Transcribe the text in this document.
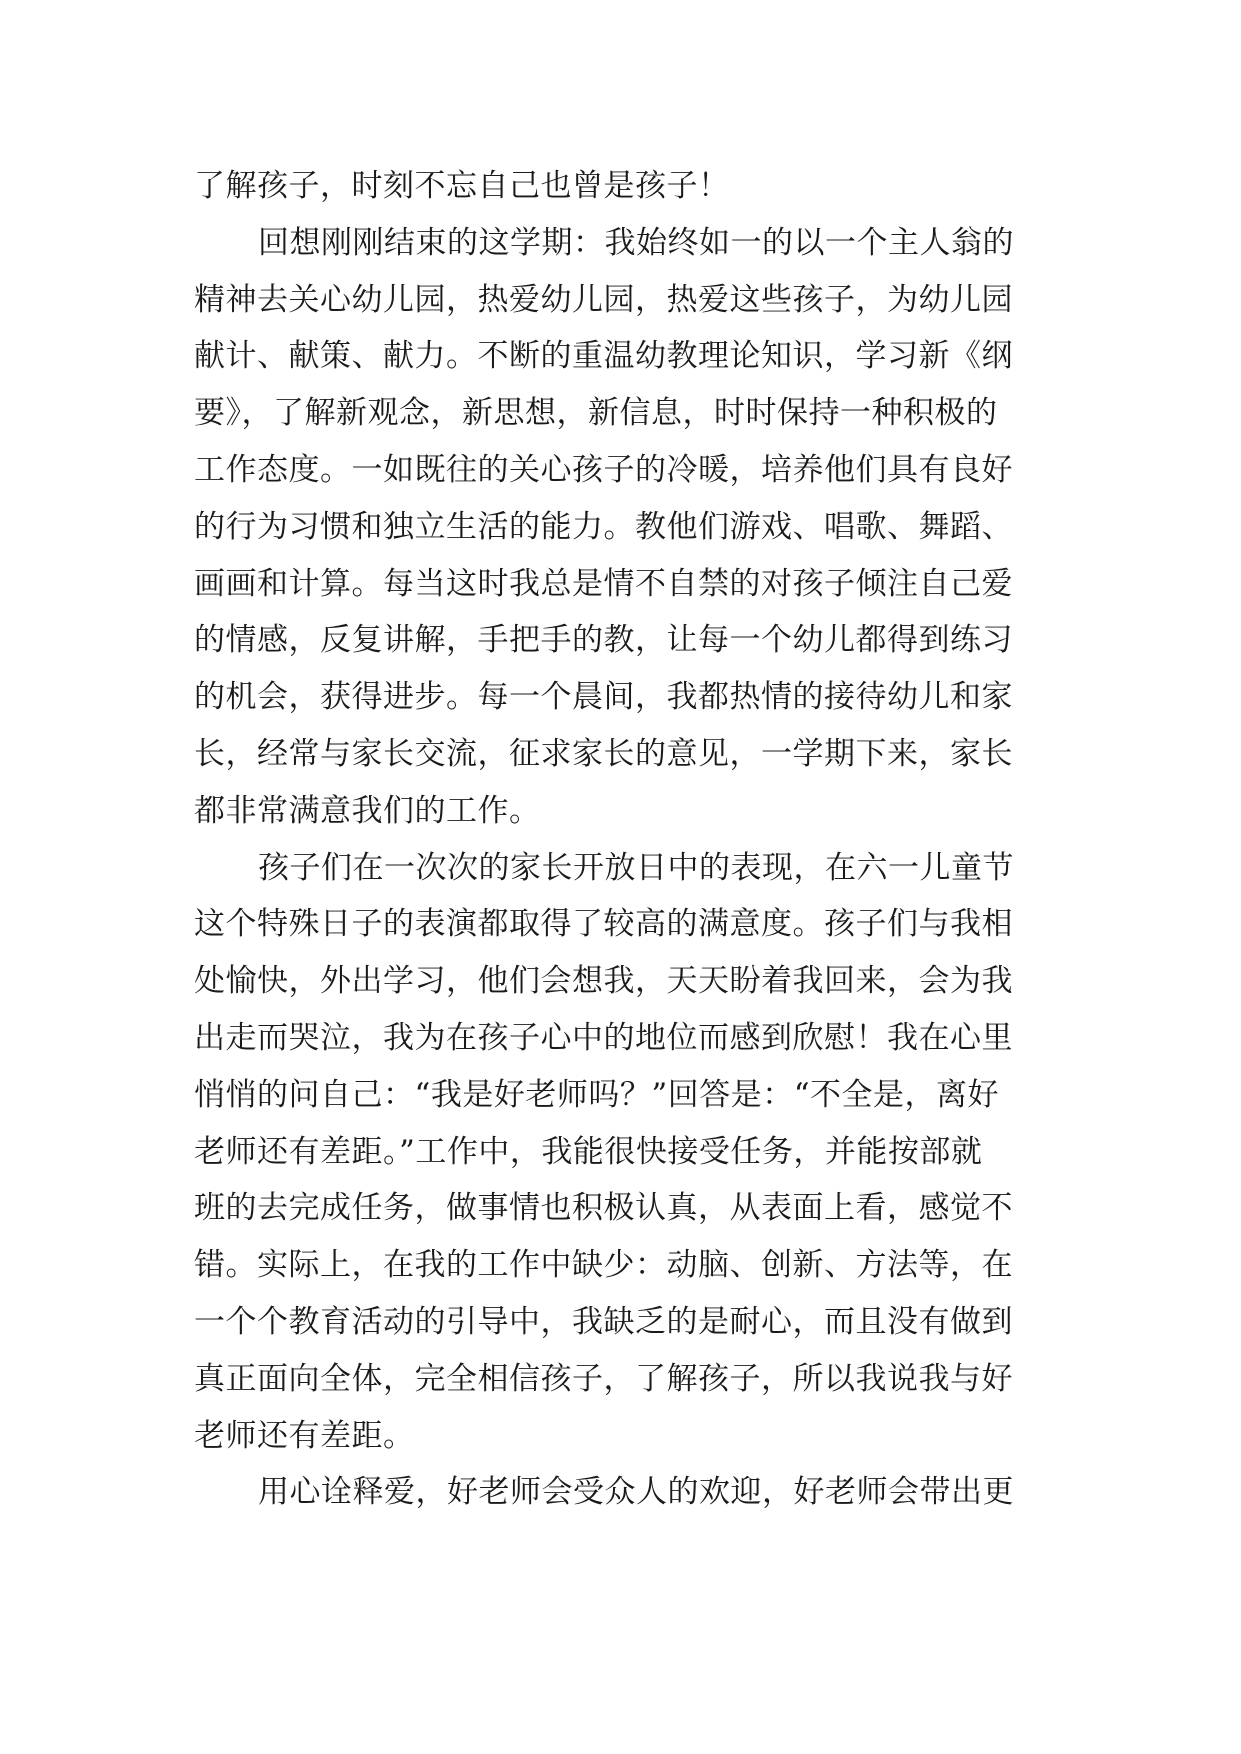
了解孩子，时刻不忘自己也曾是孩子！
回想刚刚结束的这学期：我始终如一的以一个主人翁的
精神去关心幼儿园，热爱幼儿园，热爱这些孩子，为幼儿园
献计、献策、献力。不断的重温幼教理论知识，学习新《纲
要》，了解新观念，新思想，新信息，时时保持一种积极的
工作态度。一如既往的关心孩子的冷暖，培养他们具有良好
的行为习惯和独立生活的能力。教他们游戏、唱歌、舞蹈、
画画和计算。每当这时我总是情不自禁的对孩子倾注自己爱
的情感，反复讲解，手把手的教，让每一个幼儿都得到练习
的机会，获得进步。每一个晨间，我都热情的接待幼儿和家
长，经常与家长交流，征求家长的意见，一学期下来，家长
都非常满意我们的工作。
孩子们在一次次的家长开放日中的表现，在六一儿童节
这个特殊日子的表演都取得了较高的满意度。孩子们与我相
处愉快，外出学习，他们会想我，天天盼着我回来，会为我
出走而哭泣，我为在孩子心中的地位而感到欣慰！我在心里
悄悄的问自己：“我是好老师吗？”回答是：“不全是，离好
老师还有差距。”工作中，我能很快接受任务，并能按部就
班的去完成任务，做事情也积极认真，从表面上看，感觉不
错。实际上，在我的工作中缺少：动脑、创新、方法等，在
一个个教育活动的引导中，我缺乏的是耐心，而且没有做到
真正面向全体，完全相信孩子，了解孩子，所以我说我与好
老师还有差距。
用心诠释爱，好老师会受众人的欢迎，好老师会带出更
